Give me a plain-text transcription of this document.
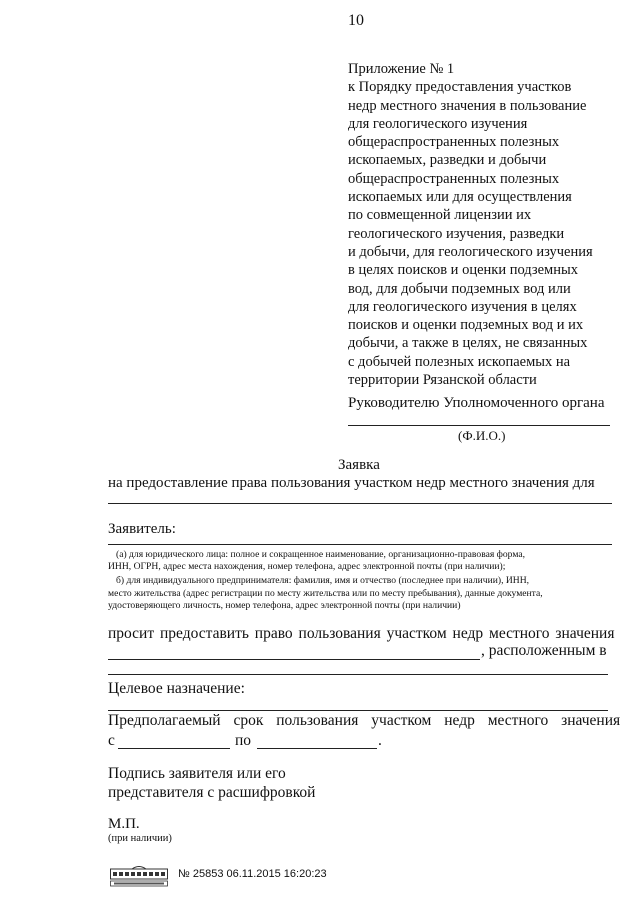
10
Приложение № 1
к Порядку предоставления участков
недр местного значения в пользование
для геологического изучения
общераспространенных полезных
ископаемых, разведки и добычи
общераспространенных полезных
ископаемых или для осуществления
по совмещенной лицензии их
геологического изучения, разведки
и добычи, для геологического изучения
в целях поисков и оценки подземных
вод, для добычи подземных вод или
для геологического изучения в целях
поисков и оценки подземных вод и их
добычи, а также в целях, не связанных
с добычей полезных ископаемых на
территории Рязанской области
Руководителю Уполномоченного органа
(Ф.И.О.)
Заявка
на предоставление права пользования участком недр местного значения для
Заявитель:
(а) для юридического лица: полное и сокращенное наименование, организационно-правовая форма,
ИНН, ОГРН, адрес места нахождения, номер телефона, адрес электронной почты (при наличии);
б) для индивидуального предпринимателя: фамилия, имя и отчество (последнее при наличии), ИНН,
место жительства (адрес регистрации по месту жительства или по месту пребывания), данные документа,
удостоверяющего личность, номер телефона, адрес электронной почты (при наличии)
просит предоставить право пользования участком недр местного значения
, расположенным в
Целевое назначение:
Предполагаемый срок пользования участком недр местного значения
с	по	.
Подпись заявителя или его
представителя с расшифровкой
М.П.
(при наличии)
№ 25853 06.11.2015 16:20:23
